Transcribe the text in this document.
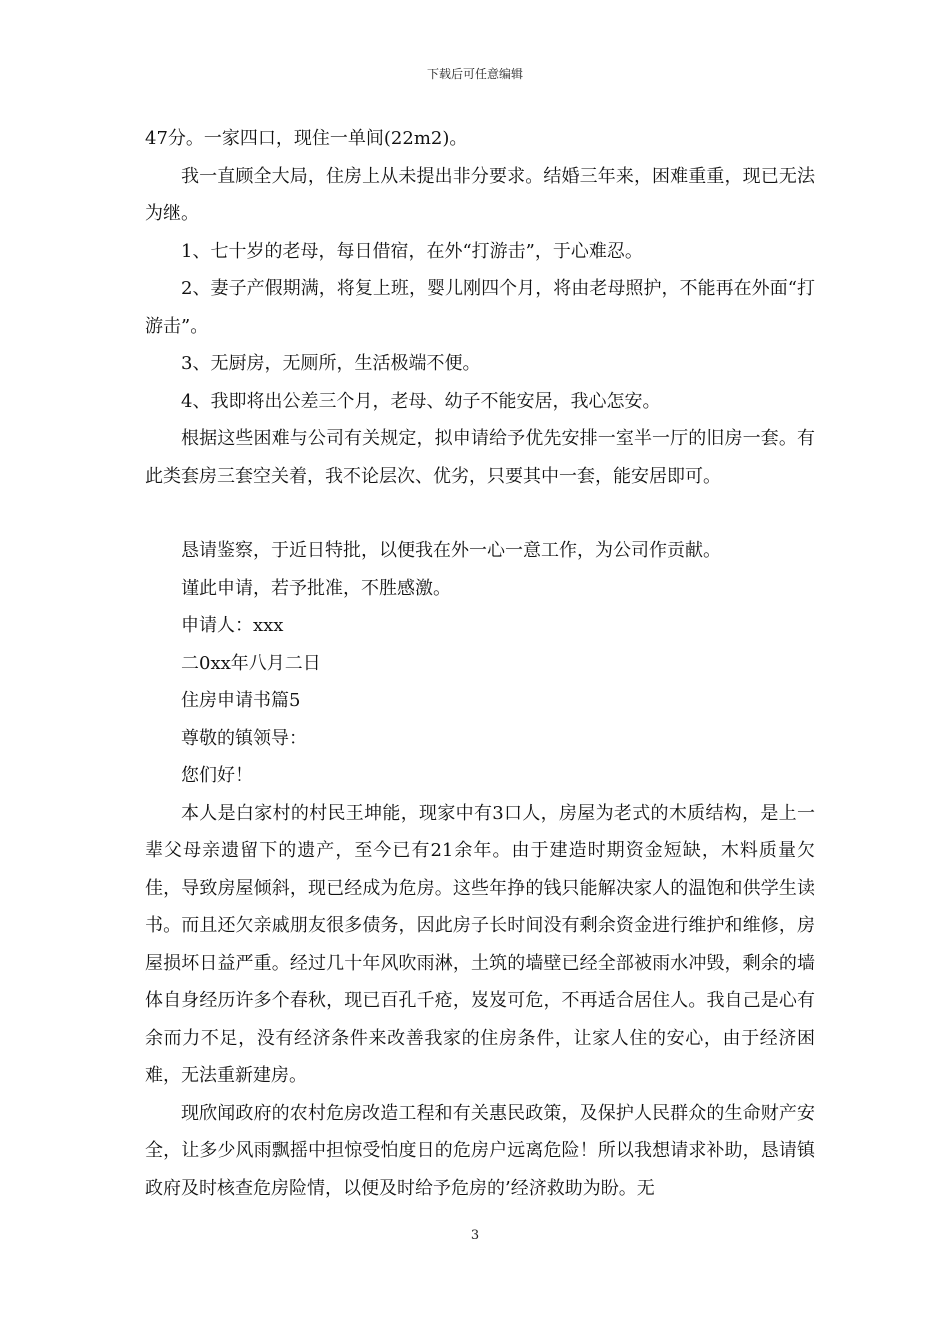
下载后可任意编辑

47分。一家四口，现住一单间(22m2)。

我一直顾全大局，住房上从未提出非分要求。结婚三年来，困难重重，现已无法为继。

1、七十岁的老母，每日借宿，在外“打游击”，于心难忍。

2、妻子产假期满，将复上班，婴儿刚四个月，将由老母照护，不能再在外面“打游击”。

3、无厨房，无厕所，生活极端不便。

4、我即将出公差三个月，老母、幼子不能安居，我心怎安。

根据这些困难与公司有关规定，拟申请给予优先安排一室半一厅的旧房一套。有此类套房三套空关着，我不论层次、优劣，只要其中一套，能安居即可。

恳请鉴察，于近日特批，以便我在外一心一意工作，为公司作贡献。

谨此申请，若予批准，不胜感激。

申请人：xxx

二0xx年八月二日

住房申请书篇5

尊敬的镇领导：

您们好！

本人是白家村的村民王坤能，现家中有3口人，房屋为老式的木质结构，是上一辈父母亲遗留下的遗产，至今已有21余年。由于建造时期资金短缺，木料质量欠佳，导致房屋倾斜，现已经成为危房。这些年挣的钱只能解决家人的温饱和供学生读书。而且还欠亲戚朋友很多债务，因此房子长时间没有剩余资金进行维护和维修，房屋损坏日益严重。经过几十年风吹雨淋，土筑的墙壁已经全部被雨水冲毁，剩余的墙体自身经历许多个春秋，现已百孔千疮，岌岌可危，不再适合居住人。我自己是心有余而力不足，没有经济条件来改善我家的住房条件，让家人住的安心，由于经济困难，无法重新建房。

现欣闻政府的农村危房改造工程和有关惠民政策，及保护人民群众的生命财产安全，让多少风雨飘摇中担惊受怕度日的危房户远离危险！所以我想请求补助，恳请镇政府及时核查危房险情，以便及时给予危房的’经济救助为盼。无

3
